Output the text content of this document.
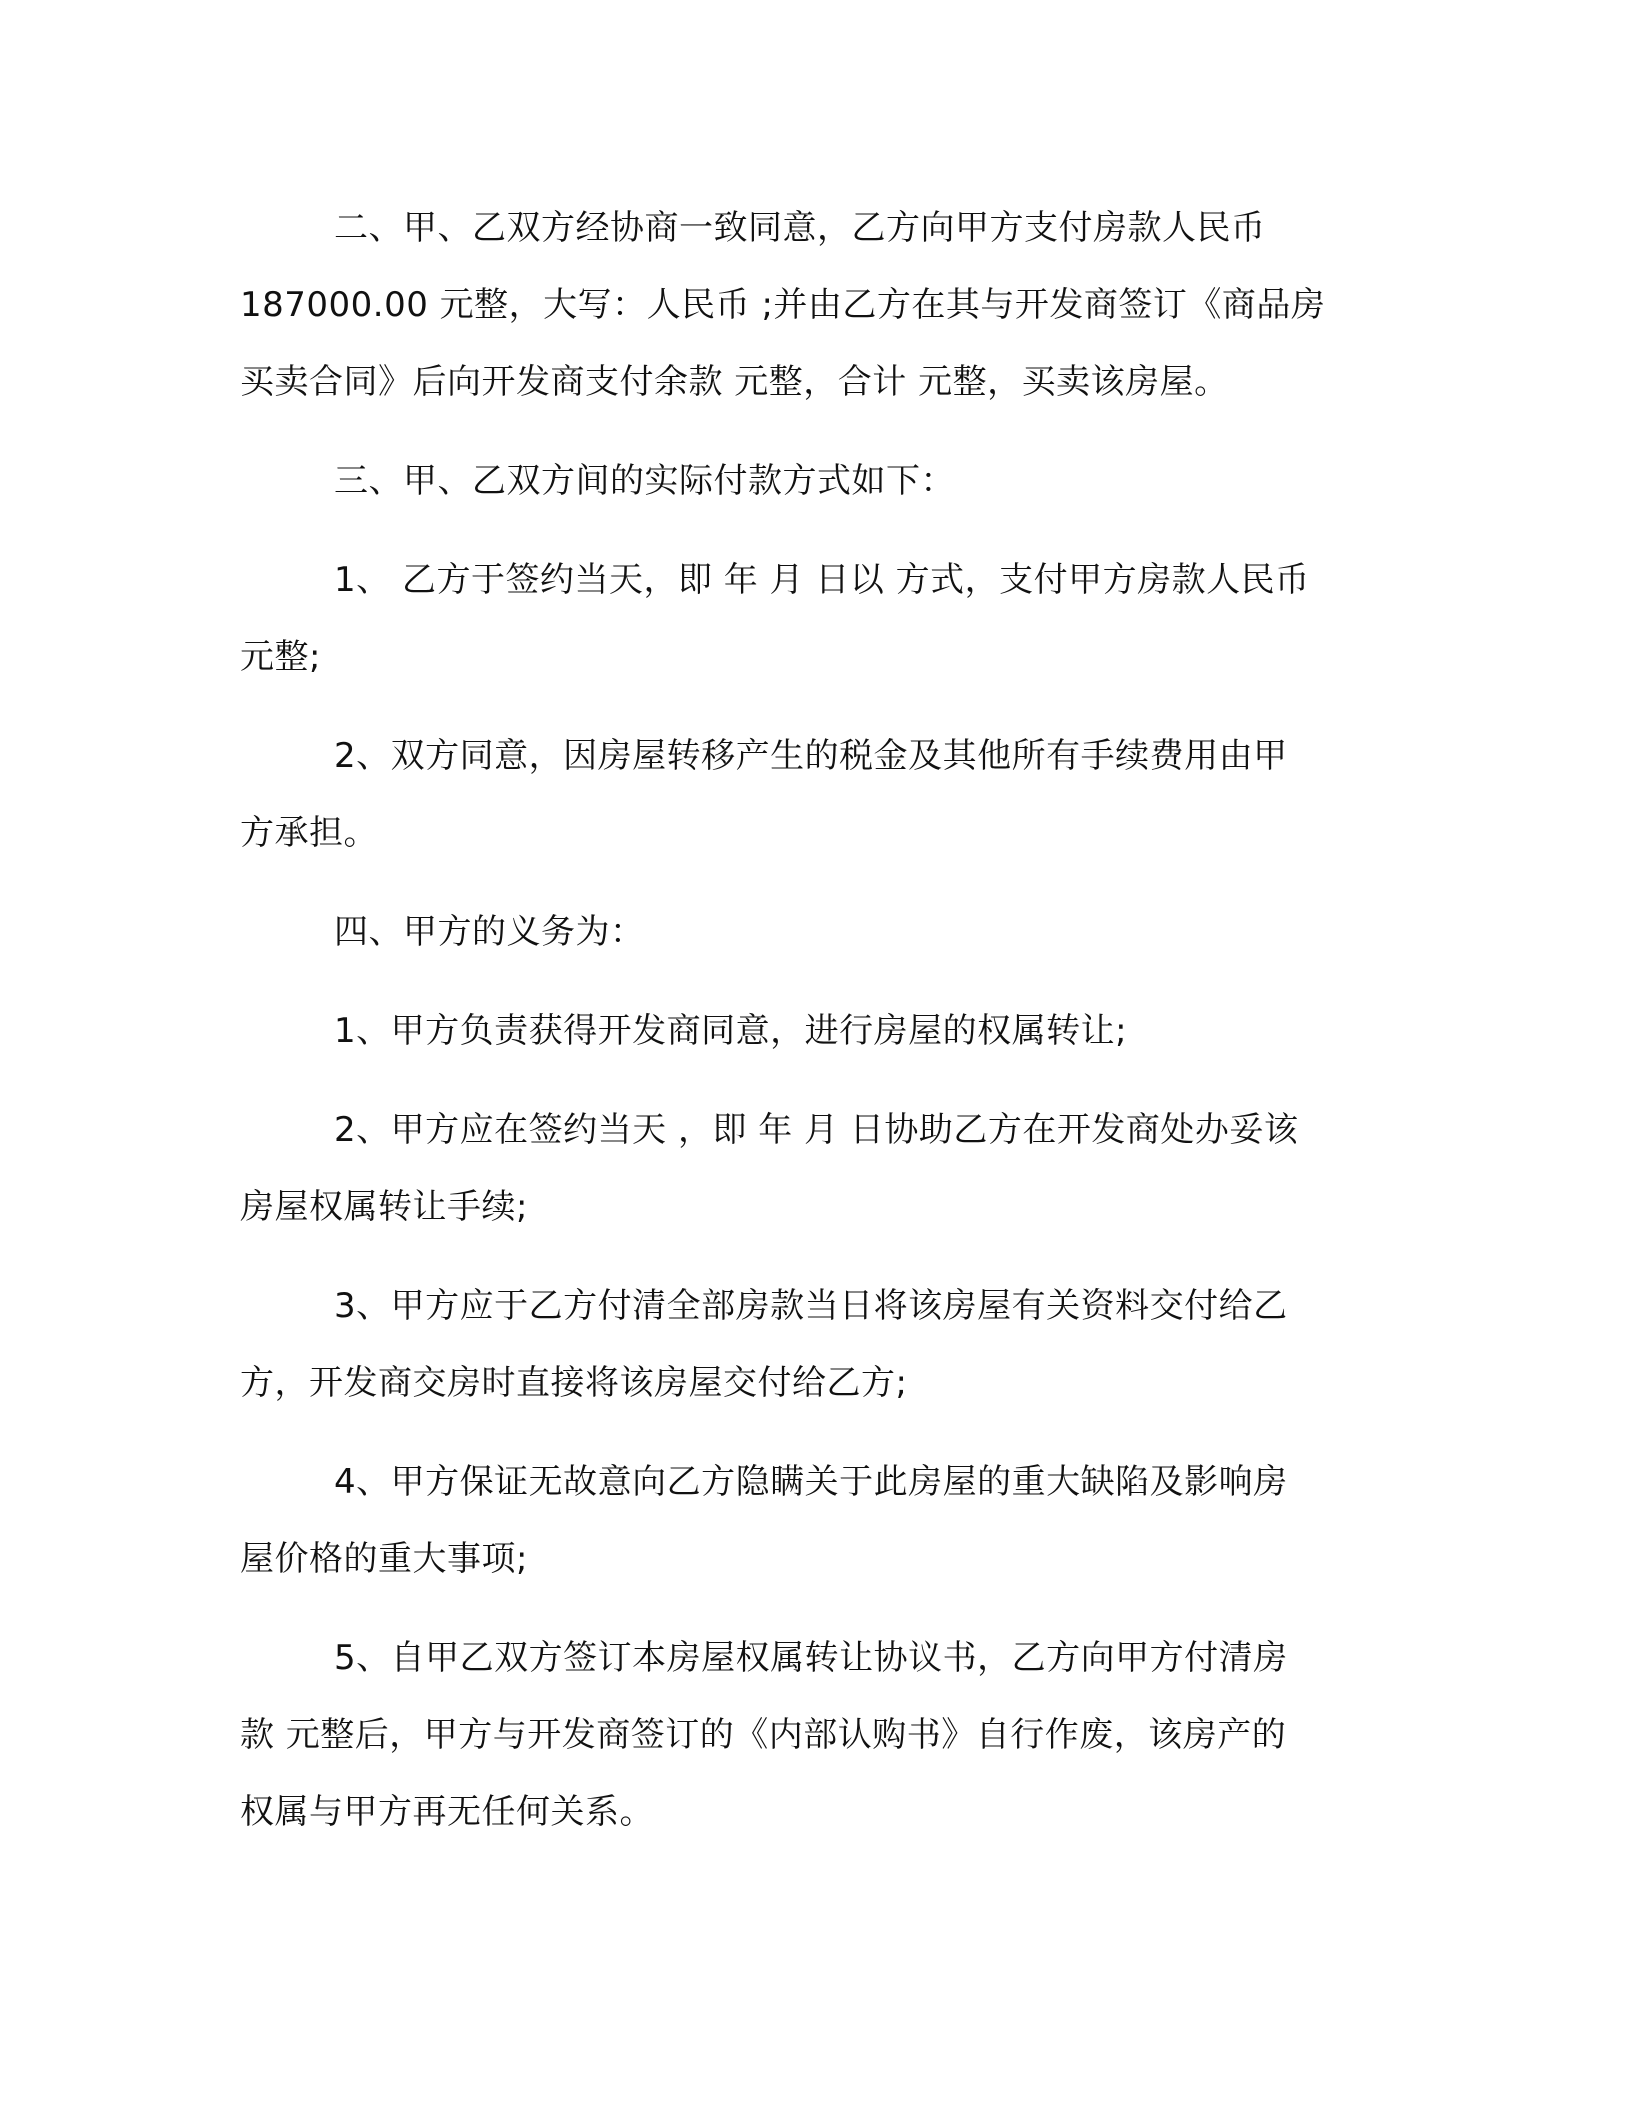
二、甲、乙双方经协商一致同意，乙方向甲方支付房款人民币
187000.00 元整，大写：人民币 ;并由乙方在其与开发商签订《商品房
买卖合同》后向开发商支付余款 元整，合计 元整，买卖该房屋。
三、甲、乙双方间的实际付款方式如下：
1、 乙方于签约当天，即 年 月 日以 方式，支付甲方房款人民币
元整;
2、双方同意，因房屋转移产生的税金及其他所有手续费用由甲
方承担。
四、甲方的义务为：
1、甲方负责获得开发商同意，进行房屋的权属转让;
2、甲方应在签约当天 ，即 年 月 日协助乙方在开发商处办妥该
房屋权属转让手续;
3、甲方应于乙方付清全部房款当日将该房屋有关资料交付给乙
方，开发商交房时直接将该房屋交付给乙方;
4、甲方保证无故意向乙方隐瞒关于此房屋的重大缺陷及影响房
屋价格的重大事项;
5、自甲乙双方签订本房屋权属转让协议书，乙方向甲方付清房
款 元整后，甲方与开发商签订的《内部认购书》自行作废，该房产的
权属与甲方再无任何关系。
